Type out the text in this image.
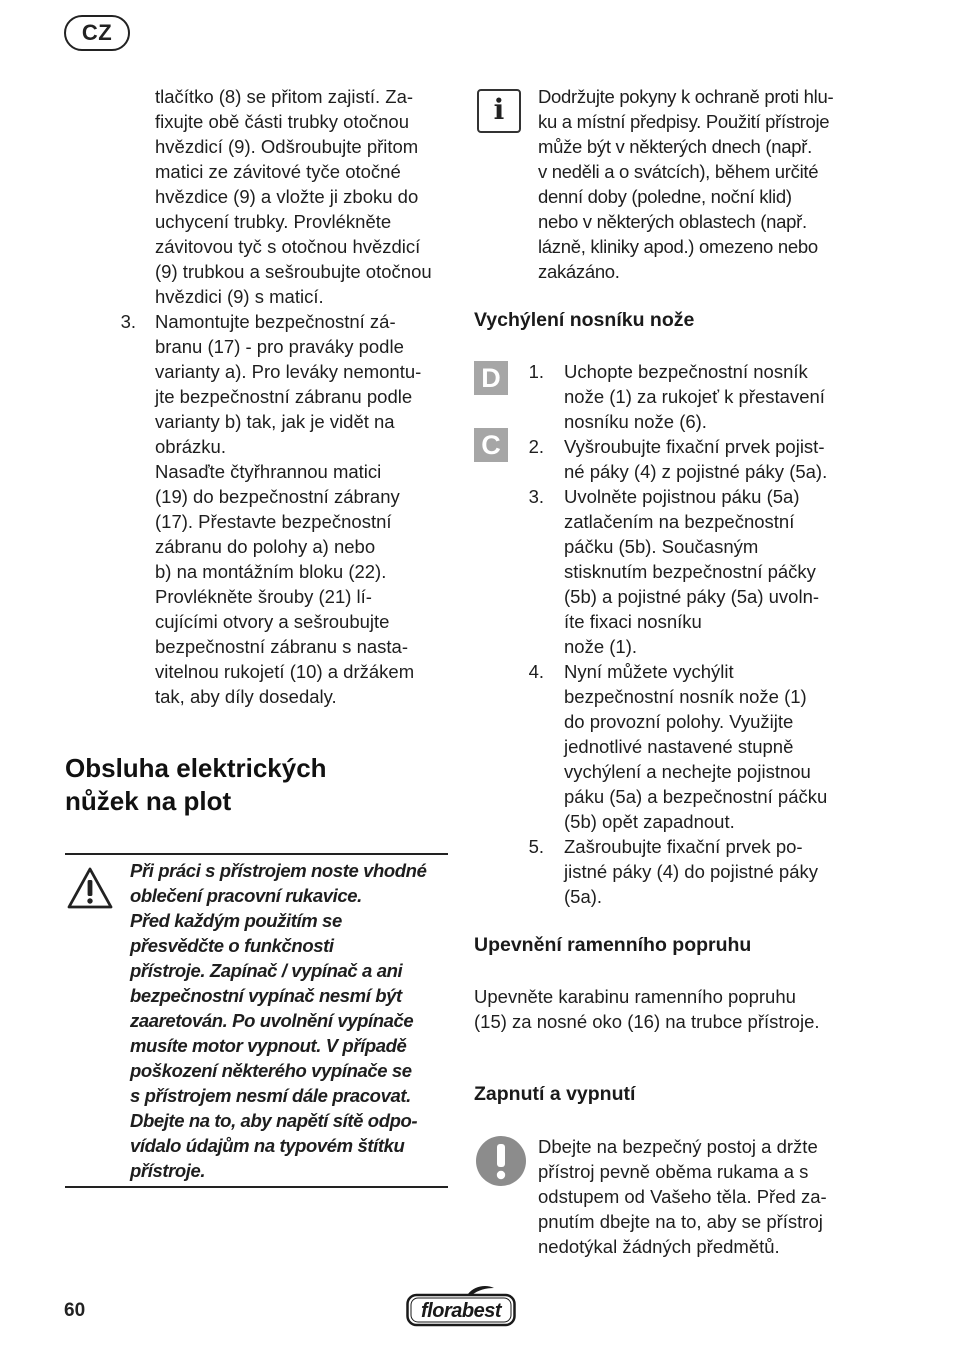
CZ
tlačítko (8) se přitom zajistí. Za-
fixujte obě části trubky otočnou
hvězdicí (9). Odšroubujte přitom
matici ze závitové tyče otočné
hvězdice (9) a vložte ji zboku do
uchycení trubky. Provlékněte
závitovou tyč s otočnou hvězdicí
(9) trubkou a sešroubujte otočnou
hvězdici (9) s maticí.
3. Namontujte bezpečnostní zá-
branu (17) - pro praváky podle
varianty a). Pro leváky nemontu-
jte bezpečnostní zábranu podle
varianty b) tak, jak je vidět na
obrázku.
Nasaďte čtyřhrannou matici
(19) do bezpečnostní zábrany
(17). Přestavte bezpečnostní
zábranu do polohy a) nebo
b) na montážním bloku (22).
Provlékněte šrouby (21) lí-
cujícími otvory a sešroubujte
bezpečnostní zábranu s nasta-
vitelnou rukojetí (10) a držákem
tak, aby díly dosedaly.
Obsluha elektrických
nůžek na plot
Při práci s přístrojem noste vhodné
oblečení pracovní rukavice.
Před každým použitím se
přesvědčte o funkčnosti
přístroje. Zapínač / vypínač a ani
bezpečnostní vypínač nesmí být
zaaretován. Po uvolnění vypínače
musíte motor vypnout. V případě
poškození některého vypínače se
s přístrojem nesmí dále pracovat.
Dbejte na to, aby napětí sítě odpo-
vídalo údajům na typovém štítku
přístroje.
i	Dodržujte pokyny k ochraně proti hlu-
ku a místní předpisy. Použití přístroje
může být v některých dnech (např.
v neděli a o svátcích), během určité
denní doby (poledne, noční klid)
nebo v některých oblastech (např.
lázně, kliniky apod.) omezeno nebo
zakázáno.
Vychýlení nosníku nože
D
C
1. Uchopte bezpečnostní nosník
nože (1) za rukojeť k přestavení
nosníku nože (6).
2. Vyšroubujte fixační prvek pojist-
né páky (4) z pojistné páky (5a).
3. Uvolněte pojistnou páku (5a)
zatlačením na bezpečnostní
páčku (5b). Současným
stisknutím bezpečnostní páčky
(5b) a pojistné páky (5a) uvoln-
íte fixaci nosníku
nože (1).
4. Nyní můžete vychýlit
bezpečnostní nosník nože (1)
do provozní polohy. Využijte
jednotlivé nastavené stupně
vychýlení a nechejte pojistnou
páku (5a) a bezpečnostní páčku
(5b) opět zapadnout.
5. Zašroubujte fixační prvek po-
jistné páky (4) do pojistné páky
(5a).
Upevnění ramenního popruhu
Upevněte karabinu ramenního popruhu
(15) za nosné oko (16) na trubce přístroje.
Zapnutí a vypnutí
Dbejte na bezpečný postoj a držte
přístroj pevně oběma rukama a s
odstupem od Vašeho těla. Před za-
pnutím dbejte na to, aby se přístroj
nedotýkal žádných předmětů.
60	florabest
